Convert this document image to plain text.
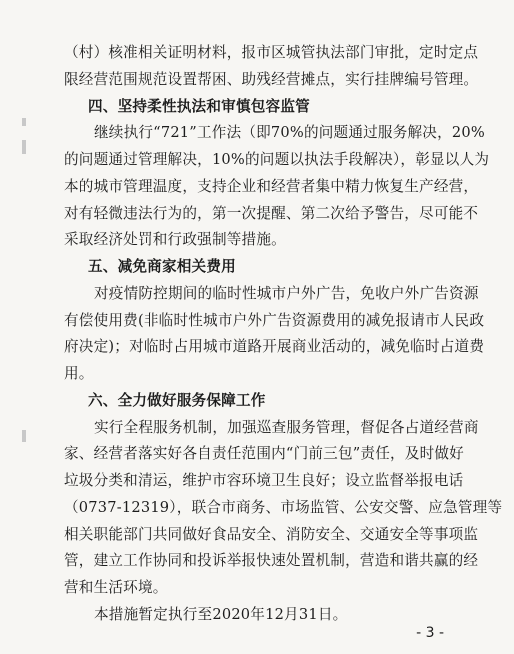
（村）核准相关证明材料，报市区城管执法部门审批，定时定点
限经营范围规范设置帮困、助残经营摊点，实行挂牌编号管理。
四、坚持柔性执法和审慎包容监管
继续执行“721”工作法（即70%的问题通过服务解决，20%
的问题通过管理解决，10%的问题以执法手段解决），彰显以人为
本的城市管理温度，支持企业和经营者集中精力恢复生产经营，
对有轻微违法行为的，第一次提醒、第二次给予警告，尽可能不
采取经济处罚和行政强制等措施。
五、减免商家相关费用
对疫情防控期间的临时性城市户外广告，免收户外广告资源
有偿使用费(非临时性城市户外广告资源费用的减免报请市人民政
府决定)；对临时占用城市道路开展商业活动的，减免临时占道费
用。
六、全力做好服务保障工作
实行全程服务机制，加强巡查服务管理，督促各占道经营商
家、经营者落实好各自责任范围内“门前三包”责任，及时做好
垃圾分类和清运，维护市容环境卫生良好；设立监督举报电话
（0737-12319），联合市商务、市场监管、公安交警、应急管理等
相关职能部门共同做好食品安全、消防安全、交通安全等事项监
管，建立工作协同和投诉举报快速处置机制，营造和谐共赢的经
营和生活环境。
本措施暂定执行至2020年12月31日。
- 3 -
